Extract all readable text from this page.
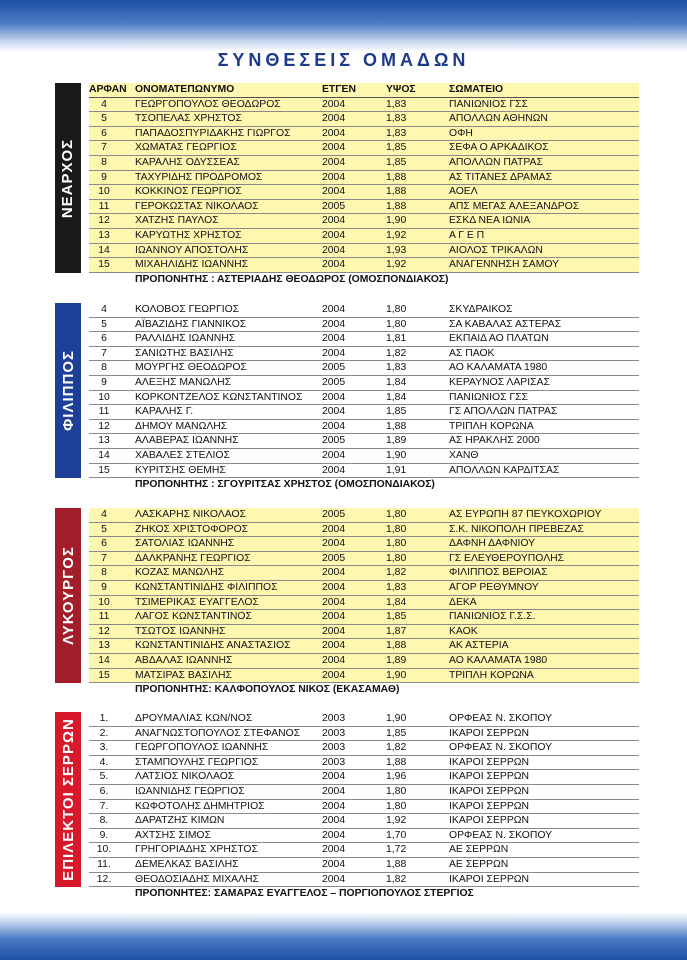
ΣΥΝΘΕΣΕΙΣ ΟΜΑΔΩΝ
ΝΕΑΡΧΟΣ
ΑΡΦΑΝ ΟΝΟΜΑΤΕΠΩΝΥΜΟ	ΕΤΓΕΝ	ΥΨΟΣ	ΣΩΜΑΤΕΙΟ
4	ΓΕΩΡΓΟΠΟΥΛΟΣ ΘΕΟΔΩΡΟΣ	2004	1,83	ΠΑΝΙΩΝΙΟΣ ΓΣΣ
5	ΤΣΟΠΕΛΑΣ ΧΡΗΣΤΟΣ	2004	1,83	ΑΠΟΛΛΩΝ ΑΘΗΝΩΝ
6	ΠΑΠΑΔΟΣΠΥΡΙΔΑΚΗΣ ΓΙΩΡΓΟΣ	2004	1,83	ΟΦΗ
7	ΧΩΜΑΤΑΣ ΓΕΩΡΓΙΟΣ	2004	1,85	ΣΕΦΑ Ο ΑΡΚΑΔΙΚΟΣ
8	ΚΑΡΑΛΗΣ ΟΔΥΣΣΕΑΣ	2004	1,85	ΑΠΟΛΛΩΝ ΠΑΤΡΑΣ
9	ΤΑΧΥΡΙΔΗΣ ΠΡΟΔΡΟΜΟΣ	2004	1,88	ΑΣ ΤΙΤΑΝΕΣ ΔΡΑΜΑΣ
10	ΚΟΚΚΙΝΟΣ ΓΕΩΡΓΙΟΣ	2004	1,88	ΑΟΕΛ
11	ΓΕΡΟΚΩΣΤΑΣ ΝΙΚΟΛΑΟΣ	2005	1,88	ΑΠΣ ΜΕΓΑΣ ΑΛΕΞΑΝΔΡΟΣ
12	ΧΑΤΖΗΣ ΠΑΥΛΟΣ	2004	1,90	ΕΣΚΔ ΝΕΑ ΙΩΝΙΑ
13	ΚΑΡΥΩΤΗΣ ΧΡΗΣΤΟΣ	2004	1,92	Α Γ Ε Π
14	ΙΩΑΝΝΟΥ ΑΠΟΣΤΟΛΗΣ	2004	1,93	ΑΙΟΛΟΣ ΤΡΙΚΑΛΩΝ
15	ΜΙΧΑΗΛΙΔΗΣ ΙΩΑΝΝΗΣ	2004	1,92	ΑΝΑΓΕΝΝΗΣΗ ΣΑΜΟΥ
ΠΡΟΠΟΝΗΤΗΣ : ΑΣΤΕΡΙΑΔΗΣ ΘΕΟΔΩΡΟΣ (ΟΜΟΣΠΟΝΔΙΑΚΟΣ)
ΦΙΛΙΠΠΟΣ
4	ΚΟΛΟΒΟΣ ΓΕΩΡΓΙΟΣ	2004	1,80	ΣΚΥΔΡΑΙΚΟΣ
5	ΑΪΒΑΖΙΔΗΣ ΓΙΑΝΝΙΚΟΣ	2004	1,80	ΣΑ ΚΑΒΑΛΑΣ ΑΣΤΕΡΑΣ
6	ΡΑΛΛΙΔΗΣ ΙΩΑΝΝΗΣ	2004	1,81	ΕΚΠΑΙΔ ΑΟ ΠΛΑΤΩΝ
7	ΣΑΝΙΩΤΗΣ ΒΑΣΙΛΗΣ	2004	1,82	ΑΣ ΠΑΟΚ
8	ΜΟΥΡΓΗΣ ΘΕΟΔΩΡΟΣ	2005	1,83	ΑΟ ΚΑΛΑΜΑΤΑ 1980
9	ΑΛΕΞΗΣ ΜΑΝΩΛΗΣ	2005	1,84	ΚΕΡΑΥΝΟΣ ΛΑΡΙΣΑΣ
10	ΚΟΡΚΟΝΤΖΕΛΟΣ ΚΩΝΣΤΑΝΤΙΝΟΣ	2004	1,84	ΠΑΝΙΩΝΙΟΣ ΓΣΣ
11	ΚΑΡΑΛΗΣ Γ.	2004	1,85	ΓΣ ΑΠΟΛΛΩΝ ΠΑΤΡΑΣ
12	ΔΗΜΟΥ ΜΑΝΩΛΗΣ	2004	1,88	ΤΡΙΠΛΗ ΚΟΡΩΝΑ
13	ΑΛΑΒΕΡΑΣ ΙΩΑΝΝΗΣ	2005	1,89	ΑΣ ΗΡΑΚΛΗΣ 2000
14	ΧΑΒΑΛΕΣ ΣΤΕΛΙΟΣ	2004	1,90	ΧΑΝΘ
15	ΚΥΡΙΤΣΗΣ ΘΕΜΗΣ	2004	1,91	ΑΠΟΛΛΩΝ ΚΑΡΔΙΤΣΑΣ
ΠΡΟΠΟΝΗΤΗΣ : ΣΓΟΥΡΙΤΣΑΣ ΧΡΗΣΤΟΣ (ΟΜΟΣΠΟΝΔΙΑΚΟΣ)
ΛΥΚΟΥΡΓΟΣ
4	ΛΑΣΚΑΡΗΣ ΝΙΚΟΛΑΟΣ	2005	1,80	ΑΣ ΕΥΡΩΠΗ 87 ΠΕΥΚΟΧΩΡΙΟΥ
5	ΖΗΚΟΣ ΧΡΙΣΤΟΦΟΡΟΣ	2004	1,80	Σ.Κ. ΝΙΚΟΠΟΛΗ ΠΡΕΒΕΖΑΣ
6	ΣΑΤΟΛΙΑΣ ΙΩΑΝΝΗΣ	2004	1,80	ΔΑΦΝΗ ΔΑΦΝΙΟΥ
7	ΔΑΛΚΡΑΝΗΣ ΓΕΩΡΓΙΟΣ	2005	1,80	ΓΣ ΕΛΕΥΘΕΡΟΥΠΟΛΗΣ
8	ΚΟΖΑΣ ΜΑΝΩΛΗΣ	2004	1,82	ΦΙΛΙΠΠΟΣ ΒΕΡΟΙΑΣ
9	ΚΩΝΣΤΑΝΤΙΝΙΔΗΣ ΦΙΛΙΠΠΟΣ	2004	1,83	ΑΓΟΡ ΡΕΘΥΜΝΟΥ
10	ΤΣΙΜΕΡΙΚΑΣ ΕΥΑΓΓΕΛΟΣ	2004	1,84	ΔΕΚΑ
11	ΛΑΓΟΣ ΚΩΝΣΤΑΝΤΙΝΟΣ	2004	1,85	ΠΑΝΙΩΝΙΟΣ Γ.Σ.Σ.
12	ΤΣΩΤΟΣ ΙΩΑΝΝΗΣ	2004	1,87	ΚΑΟΚ
13	ΚΩΝΣΤΑΝΤΙΝΙΔΗΣ ΑΝΑΣΤΑΣΙΟΣ	2004	1,88	ΑΚ ΑΣΤΕΡΙΑ
14	ΑΒΔΑΛΑΣ ΙΩΑΝΝΗΣ	2004	1,89	ΑΟ ΚΑΛΑΜΑΤΑ 1980
15	ΜΑΤΣΙΡΑΣ ΒΑΣΙΛΗΣ	2004	1,90	ΤΡΙΠΛΗ ΚΟΡΩΝΑ
ΠΡΟΠΟΝΗΤΗΣ: ΚΑΛΦΟΠΟΥΛΟΣ ΝΙΚΟΣ (ΕΚΑΣΑΜΑΘ)
ΕΠΙΛΕΚΤΟΙ ΣΕΡΡΩΝ	1.	ΔΡΟΥΜΑΛΙΑΣ ΚΩΝ/ΝΟΣ	2003	1,90	ΟΡΦΕΑΣ Ν. ΣΚΟΠΟΥ
2.	ΑΝΑΓΝΩΣΤΟΠΟΥΛΟΣ ΣΤΕΦΑΝΟΣ	2003	1,85	ΙΚΑΡΟΙ ΣΕΡΡΩΝ
3.	ΓΕΩΡΓΟΠΟΥΛΟΣ ΙΩΑΝΝΗΣ	2003	1,82	ΟΡΦΕΑΣ Ν. ΣΚΟΠΟΥ
4.	ΣΤΑΜΠΟΥΛΗΣ ΓΕΩΡΓΙΟΣ	2003	1,88	ΙΚΑΡΟΙ ΣΕΡΡΩΝ
5.	ΛΑΤΣΙΟΣ ΝΙΚΟΛΑΟΣ	2004	1,96	ΙΚΑΡΟΙ ΣΕΡΡΩΝ
6.	ΙΩΑΝΝΙΔΗΣ ΓΕΩΡΓΙΟΣ	2004	1,80	ΙΚΑΡΟΙ ΣΕΡΡΩΝ
7.	ΚΩΦΟΤΟΛΗΣ ΔΗΜΗΤΡΙΟΣ	2004	1,80	ΙΚΑΡΟΙ ΣΕΡΡΩΝ
8.	ΔΑΡΑΤΖΗΣ ΚΙΜΩΝ	2004	1,92	ΙΚΑΡΟΙ ΣΕΡΡΩΝ
9.	ΑΧΤΣΗΣ ΣΙΜΟΣ	2004	1,70	ΟΡΦΕΑΣ Ν. ΣΚΟΠΟΥ
10.	ΓΡΗΓΟΡΙΑΔΗΣ ΧΡΗΣΤΟΣ	2004	1,72	ΑΕ ΣΕΡΡΩΝ
11.	ΔΕΜΕΛΚΑΣ ΒΑΣΙΛΗΣ	2004	1,88	ΑΕ ΣΕΡΡΩΝ
12.	ΘΕΟΔΟΣΙΑΔΗΣ ΜΙΧΑΛΗΣ	2004	1,82	ΙΚΑΡΟΙ ΣΕΡΡΩΝ
ΠΡΟΠΟΝΗΤΕΣ: ΣΑΜΑΡΑΣ ΕΥΑΓΓΕΛΟΣ – ΠΟΡΓΙΟΠΟΥΛΟΣ ΣΤΕΡΓΙΟΣ
